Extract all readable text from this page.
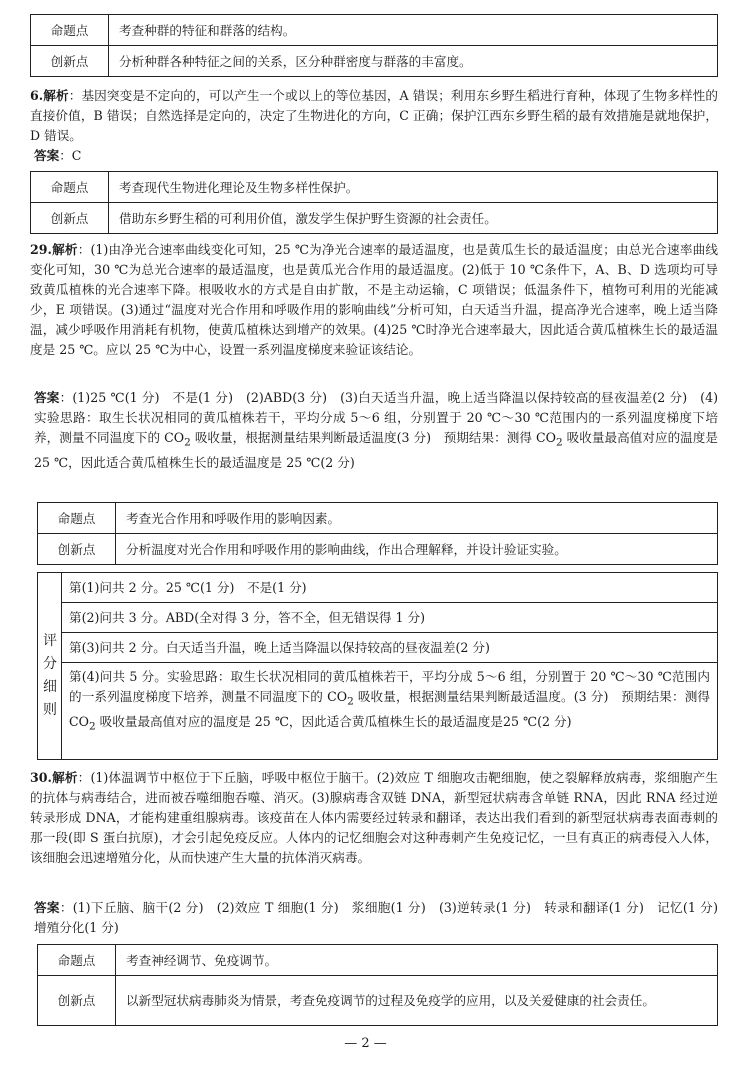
命题点	考查种群的特征和群落的结构。
创新点	分析种群各种特征之间的关系，区分种群密度与群落的丰富度。

6.解析：基因突变是不定向的，可以产生一个或以上的等位基因，A 错误；利用东乡野生稻进行育种，体现了生物多样性的直接价值，B 错误；自然选择是定向的，决定了生物进化的方向，C 正确；保护江西东乡野生稻的最有效措施是就地保护，D 错误。

答案：C

命题点	考查现代生物进化理论及生物多样性保护。
创新点	借助东乡野生稻的可利用价值，激发学生保护野生资源的社会责任。

29.解析：(1)由净光合速率曲线变化可知，25 ℃为净光合速率的最适温度，也是黄瓜生长的最适温度；由总光合速率曲线变化可知，30 ℃为总光合速率的最适温度，也是黄瓜光合作用的最适温度。(2)低于 10 ℃条件下，A、B、D 选项均可导致黄瓜植株的光合速率下降。根吸收水的方式是自由扩散，不是主动运输，C 项错误；低温条件下，植物可利用的光能减少，E 项错误。(3)通过“温度对光合作用和呼吸作用的影响曲线”分析可知，白天适当升温，提高净光合速率，晚上适当降温，减少呼吸作用消耗有机物，使黄瓜植株达到增产的效果。(4)25 ℃时净光合速率最大，因此适合黄瓜植株生长的最适温度是 25 ℃。应以 25 ℃为中心，设置一系列温度梯度来验证该结论。

答案：(1)25 ℃(1 分)　不是(1 分)　(2)ABD(3 分)　(3)白天适当升温，晚上适当降温以保持较高的昼夜温差(2 分)　(4)实验思路：取生长状况相同的黄瓜植株若干，平均分成 5～6 组，分别置于 20 ℃～30 ℃范围内的一系列温度梯度下培养，测量不同温度下的 $CO_2$ 吸收量，根据测量结果判断最适温度(3 分)　预期结果：测得 $CO_2$ 吸收量最高值对应的温度是 25 ℃，因此适合黄瓜植株生长的最适温度是 25 ℃(2 分)

命题点	考查光合作用和呼吸作用的影响因素。
创新点	分析温度对光合作用和呼吸作用的影响曲线，作出合理解释，并设计验证实验。
评
分
细
则
第(1)问共 2 分。25 ℃(1 分)　不是(1 分)
第(2)问共 3 分。ABD(全对得 3 分，答不全，但无错误得 1 分)
第(3)问共 2 分。白天适当升温，晚上适当降温以保持较高的昼夜温差(2 分)
第(4)问共 5 分。实验思路：取生长状况相同的黄瓜植株若干，平均分成 5～6 组，分别置于 20 ℃～30 ℃范围内的一系列温度梯度下培养，测量不同温度下的 $CO_2$ 吸收量，根据测量结果判断最适温度。(3 分)　预期结果：测得 $CO_2$ 吸收量最高值对应的温度是 25 ℃，因此适合黄瓜植株生长的最适温度是25 ℃(2 分)

30.解析：(1)体温调节中枢位于下丘脑，呼吸中枢位于脑干。(2)效应 T 细胞攻击靶细胞，使之裂解释放病毒，浆细胞产生的抗体与病毒结合，进而被吞噬细胞吞噬、消灭。(3)腺病毒含双链 DNA，新型冠状病毒含单链 RNA，因此 RNA 经过逆转录形成 DNA，才能构建重组腺病毒。该疫苗在人体内需要经过转录和翻译，表达出我们看到的新型冠状病毒表面毒刺的那一段(即 S 蛋白抗原)，才会引起免疫反应。人体内的记忆细胞会对这种毒刺产生免疫记忆，一旦有真正的病毒侵入人体，该细胞会迅速增殖分化，从而快速产生大量的抗体消灭病毒。

答案：(1)下丘脑、脑干(2 分)　(2)效应 T 细胞(1 分)　浆细胞(1 分)　(3)逆转录(1 分)　转录和翻译(1 分)　记忆(1 分)　增殖分化(1 分)

命题点	考查神经调节、免疫调节。
创新点	以新型冠状病毒肺炎为情景，考查免疫调节的过程及免疫学的应用，以及关爱健康的社会责任。
— 2 —
